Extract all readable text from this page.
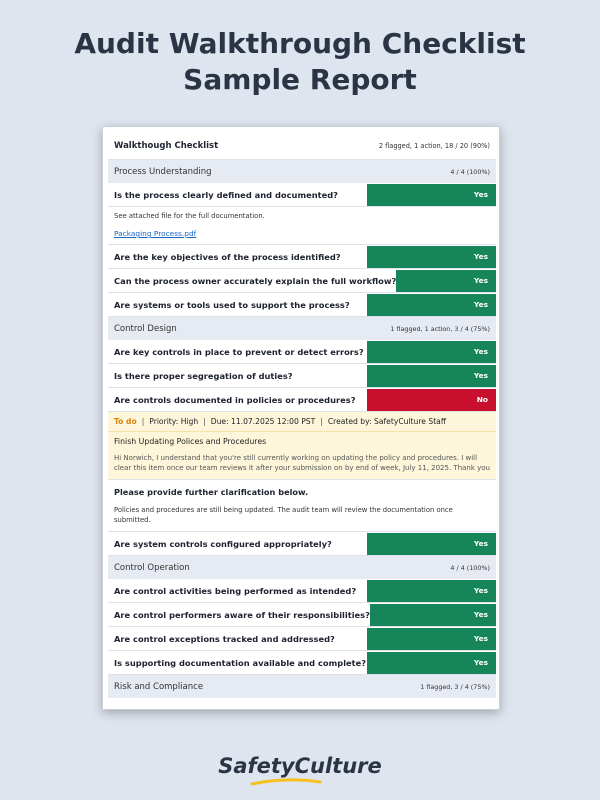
Audit Walkthrough Checklist
Sample Report
Walkthough Checklist	2 flagged, 1 action, 18 / 20 (90%)
Process Understanding	4 / 4 (100%)
Is the process clearly defined and documented?	Yes
See attached file for the full documentation.
Packaging Process.pdf
Are the key objectives of the process identified?	Yes
Can the process owner accurately explain the full workflow?	Yes
Are systems or tools used to support the process?	Yes
Control Design	1 flagged, 1 action, 3 / 4 (75%)
Are key controls in place to prevent or detect errors?	Yes
Is there proper segregation of duties?	Yes
Are controls documented in policies or procedures?	No
To do | Priority: High | Due: 11.07.2025 12:00 PST | Created by: SafetyCulture Staff
Finish Updating Polices and Procedures
Hi Norwich, I understand that you're still currently working on updating the policy and procedures. I will clear this item once our team reviews it after your submission on by end of week, July 11, 2025. Thank you
Please provide further clarification below.
Policies and procedures are still being updated. The audit team will review the documentation once submitted.
Are system controls configured appropriately?	Yes
Control Operation	4 / 4 (100%)
Are control activities being performed as intended?	Yes
Are control performers aware of their responsibilities?	Yes
Are control exceptions tracked and addressed?	Yes
Is supporting documentation available and complete?	Yes
Risk and Compliance	1 flagged, 3 / 4 (75%)
SafetyCulture
